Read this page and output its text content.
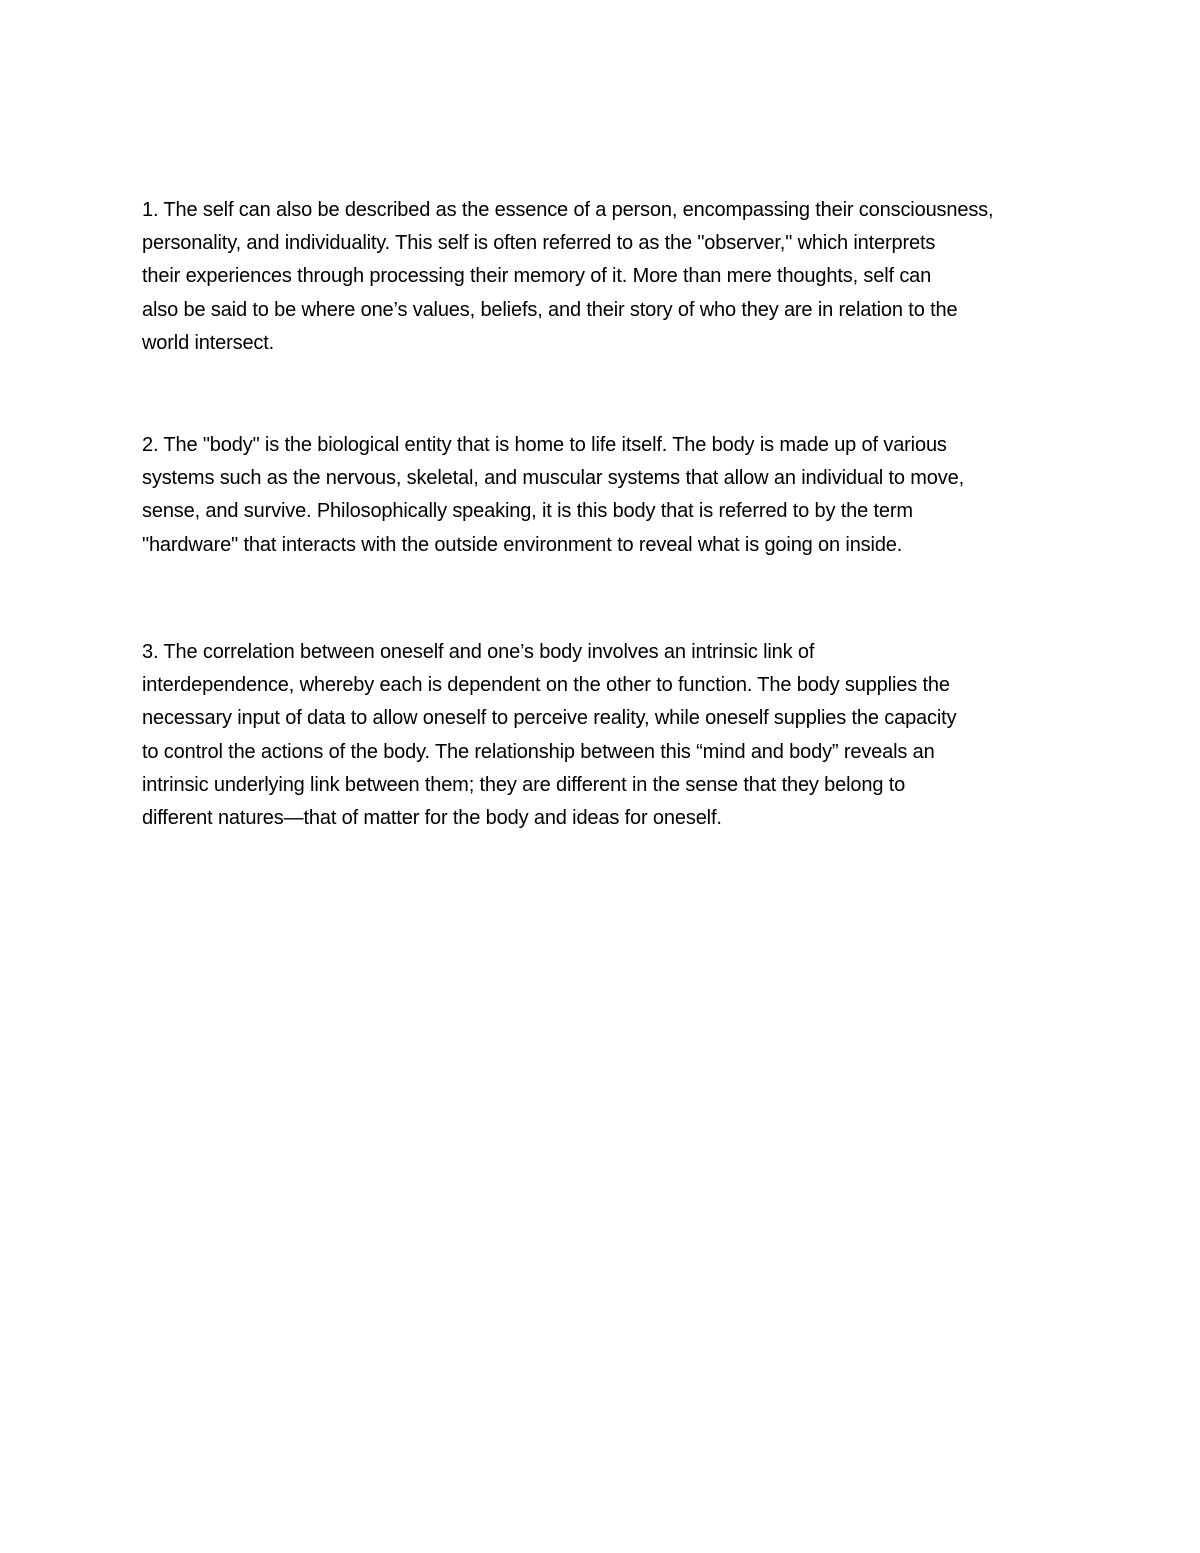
1. The self can also be described as the essence of a person, encompassing their consciousness,
personality, and individuality. This self is often referred to as the "observer," which interprets
their experiences through processing their memory of it. More than mere thoughts, self can
also be said to be where one’s values, beliefs, and their story of who they are in relation to the
world intersect.

2. The "body" is the biological entity that is home to life itself. The body is made up of various
systems such as the nervous, skeletal, and muscular systems that allow an individual to move,
sense, and survive. Philosophically speaking, it is this body that is referred to by the term
"hardware" that interacts with the outside environment to reveal what is going on inside.

3. The correlation between oneself and one’s body involves an intrinsic link of
interdependence, whereby each is dependent on the other to function. The body supplies the
necessary input of data to allow oneself to perceive reality, while oneself supplies the capacity
to control the actions of the body. The relationship between this “mind and body” reveals an
intrinsic underlying link between them; they are different in the sense that they belong to
different natures—that of matter for the body and ideas for oneself.
